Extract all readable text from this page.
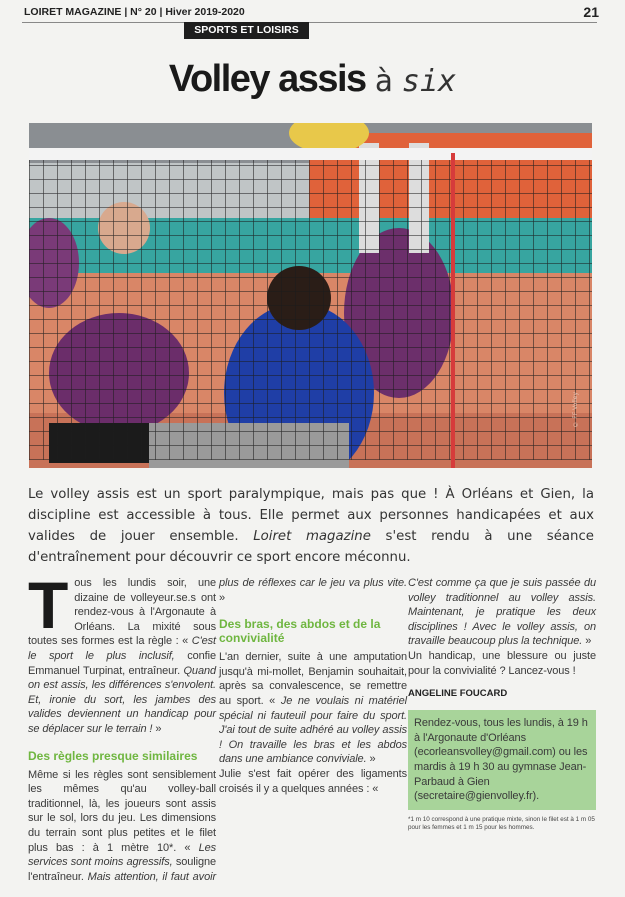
LOIRET MAGAZINE | N° 20 | Hiver 2019-2020	21
SPORTS ET LOISIRS
Volley assis à six
© FF Volley
Le volley assis est un sport paralympique, mais pas que ! À Orléans et Gien, la discipline est accessible à tous. Elle permet aux personnes handicapées et aux valides de jouer ensemble. Loiret magazine s'est rendu à une séance d'entraînement pour découvrir ce sport encore méconnu.

Tous les lundis soir, une dizaine de volleyeur.se.s ont rendez-vous à l'Argonaute à Orléans. La mixité sous toutes ses formes est la règle : « C'est le sport le plus inclusif, confie Emmanuel Turpinat, entraîneur. Quand on est assis, les différences s'envolent. Et, ironie du sort, les jambes des valides deviennent un handicap pour se déplacer sur le terrain ! »

Des règles presque similaires

Même si les règles sont sensiblement les mêmes qu'au volley-ball traditionnel, là, les joueurs sont assis sur le sol, lors du jeu. Les dimensions du terrain sont plus petites et le filet plus bas : à 1 mètre 10*. « Les services sont moins agressifs, souligne l'entraîneur. Mais attention, il faut avoir plus de réflexes car le jeu va plus vite. »

Des bras, des abdos et de la convivialité

L'an dernier, suite à une amputation jusqu'à mi-mollet, Benjamin souhaitait, après sa convalescence, se remettre au sport. « Je ne voulais ni matériel spécial ni fauteuil pour faire du sport. J'ai tout de suite adhéré au volley assis ! On travaille les bras et les abdos dans une ambiance conviviale. »

Julie s'est fait opérer des ligaments croisés il y a quelques années : «

C'est comme ça que je suis passée du volley traditionnel au volley assis. Maintenant, je pratique les deux disciplines ! Avec le volley assis, on travaille beaucoup plus la technique. »

Un handicap, une blessure ou juste pour la convivialité ? Lancez-vous !

ANGELINE FOUCARD
Rendez-vous, tous les lundis, à 19 h à l'Argonaute d'Orléans (ecorleansvolley@gmail.com) ou les mardis à 19 h 30 au gymnase Jean-Parbaud à Gien (secretaire@gienvolley.fr).
*1 m 10 correspond à une pratique mixte, sinon le filet est à 1 m 05 pour les femmes et 1 m 15 pour les hommes.
